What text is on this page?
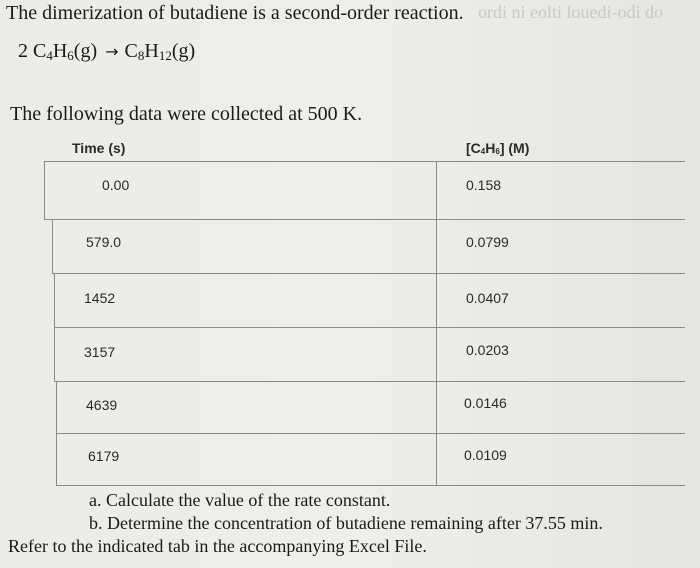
The dimerization of butadiene is a second-order reaction. ordi ni eolti louedi-odi do
2 $C_4H_6(g) \to C_8H_{12}(g)$
The following data were collected at 500 K.
Time (s)	$[C_4H_6]$ (M)
0.00	0.158
579.0	0.0799
1452	0.0407
3157	0.0203
4639	0.0146
6179	0.0109
a. Calculate the value of the rate constant.
b. Determine the concentration of butadiene remaining after 37.55 min.
Refer to the indicated tab in the accompanying Excel File.
